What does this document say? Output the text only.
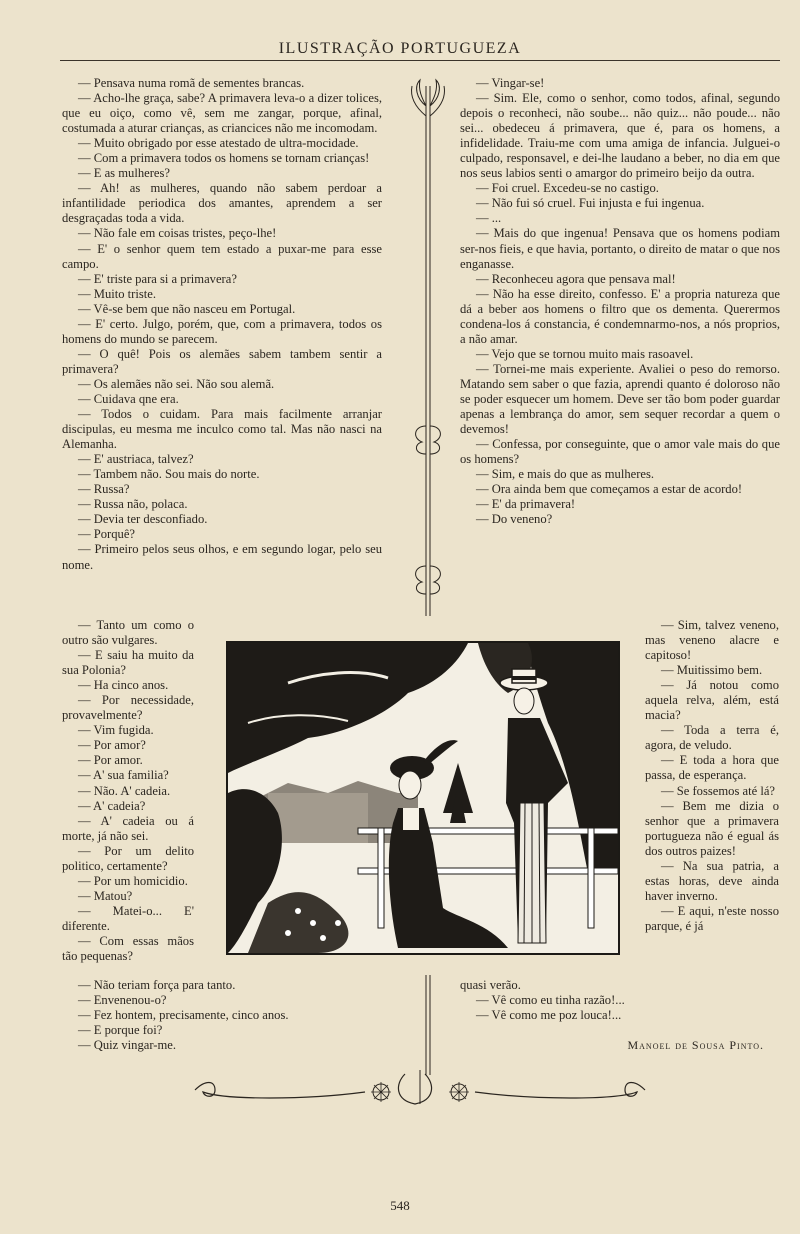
ILUSTRAÇÃO PORTUGUEZA

— Pensava numa romã de sementes brancas.

— Acho-lhe graça, sabe? A primavera leva-o a dizer tolices, que eu oiço, como vê, sem me zangar, porque, afinal, costumada a aturar crianças, as criancices não me incomodam.

— Muito obrigado por esse atestado de ultra-mocidade.

— Com a primavera todos os homens se tornam crianças!

— E as mulheres?

— Ah! as mulheres, quando não sabem perdoar a infantilidade periodica dos amantes, aprendem a ser desgraçadas toda a vida.

— Não fale em coisas tristes, peço-lhe!

— E' o senhor quem tem estado a puxar-me para esse campo.

— E' triste para si a primavera?

— Muito triste.

— Vê-se bem que não nasceu em Portugal.

— E' certo. Julgo, porém, que, com a primavera, todos os homens do mundo se parecem.

— O quê! Pois os alemães sabem tambem sentir a primavera?

— Os alemães não sei. Não sou alemã.

— Cuidava qne era.

— Todos o cuidam. Para mais facilmente arranjar discipulas, eu mesma me inculco como tal. Mas não nasci na Alemanha.

— E' austriaca, talvez?

— Tambem não. Sou mais do norte.

— Russa?

— Russa não, polaca.

— Devia ter desconfiado.

— Porquê?

— Primeiro pelos seus olhos, e em segundo logar, pelo seu nome.

— Vingar-se!

— Sim. Ele, como o senhor, como todos, afinal, segundo depois o reconheci, não soube... não quiz... não poude... não sei... obedeceu á primavera, que é, para os homens, a infidelidade. Traiu-me com uma amiga de infancia. Julguei-o culpado, responsavel, e dei-lhe laudano a beber, no dia em que nos seus labios senti o amargor do primeiro beijo da outra.

— Foi cruel. Excedeu-se no castigo.

— Não fui só cruel. Fui injusta e fui ingenua.

— ...

— Mais do que ingenua! Pensava que os homens podiam ser-nos fieis, e que havia, portanto, o direito de matar o que nos enganasse.

— Reconheceu agora que pensava mal!

— Não ha esse direito, confesso. E' a propria natureza que dá a beber aos homens o filtro que os dementa. Querermos condena-los á constancia, é condemnarmo-nos, a nós proprios, a não amar.

— Vejo que se tornou muito mais rasoavel.

— Tornei-me mais experiente. Avaliei o peso do remorso. Matando sem saber o que fazia, aprendi quanto é doloroso não se poder esquecer um homem. Deve ser tão bom poder guardar apenas a lembrança do amor, sem sequer recordar a quem o devemos!

— Confessa, por conseguinte, que o amor vale mais do que os homens?

— Sim, e mais do que as mulheres.

— Ora ainda bem que começamos a estar de acordo!

— E' da primavera!

— Do veneno?

— Tanto um como o outro são vulgares.

— E saiu ha muito da sua Polonia?

— Ha cinco anos.

— Por necessidade, provavelmente?

— Vim fugida.

— Por amor?

— Por amor.

— A' sua familia?

— Não. A' cadeia.

— A' cadeia?

— A' cadeia ou á morte, já não sei.

— Por um delito politico, certamente?

— Por um homicidio.

— Matou?

— Matei-o... E' diferente.

— Com essas mãos tão pequenas?

— Sim, talvez veneno, mas veneno alacre e capitoso!

— Muitissimo bem.

— Já notou como aquela relva, além, está macia?

— Toda a terra é, agora, de veludo.

— E toda a hora que passa, de esperança.

— Se fossemos até lá?

— Bem me dizia o senhor que a primavera portugueza não é egual ás dos outros paizes!

— Na sua patria, a estas horas, deve ainda haver inverno.

— E aqui, n'este nosso parque, é já

— Não teriam força para tanto.

— Envenenou-o?

— Fez hontem, precisamente, cinco anos.

— E porque foi?

— Quiz vingar-me.

quasi verão.

— Vê como eu tinha razão!...

— Vê como me poz louca!...

Manoel de Sousa Pinto.
548
